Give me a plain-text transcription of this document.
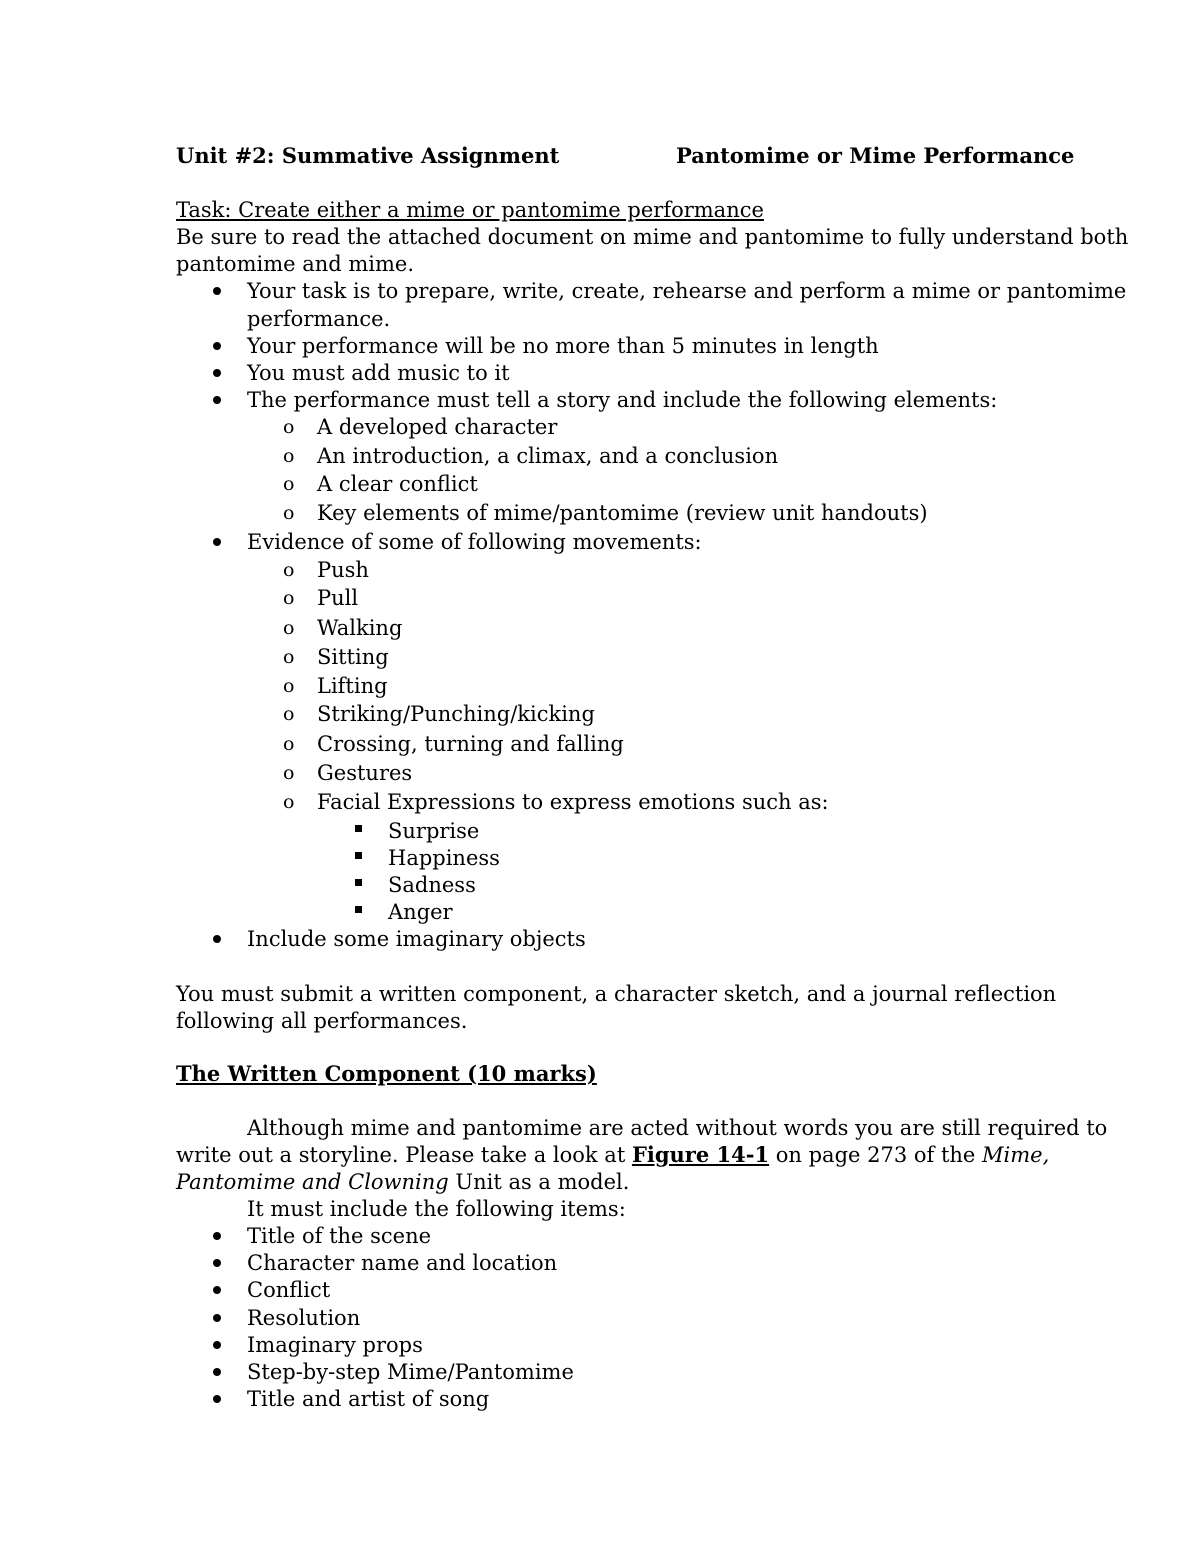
Unit #2: Summative Assignment	Pantomime or Mime Performance
Task: Create either a mime or pantomime performance
Be sure to read the attached document on mime and pantomime to fully understand both
pantomime and mime.
Your task is to prepare, write, create, rehearse and perform a mime or pantomime
performance.
Your performance will be no more than 5 minutes in length
You must add music to it
The performance must tell a story and include the following elements:
o A developed character
o An introduction, a climax, and a conclusion
o A clear conflict
o Key elements of mime/pantomime (review unit handouts)
Evidence of some of following movements:
o Push
o Pull
o Walking
o Sitting
o Lifting
o Striking/Punching/kicking
o Crossing, turning and falling
o Gestures
o Facial Expressions to express emotions such as:
Surprise
Happiness
Sadness
Anger
Include some imaginary objects
You must submit a written component, a character sketch, and a journal reflection
following all performances.
The Written Component (10 marks)
Although mime and pantomime are acted without words you are still required to
write out a storyline. Please take a look at Figure 14-1 on page 273 of the Mime,
Pantomime and Clowning Unit as a model.
It must include the following items:
Title of the scene
Character name and location
Conflict
Resolution
Imaginary props
Step-by-step Mime/Pantomime
Title and artist of song
